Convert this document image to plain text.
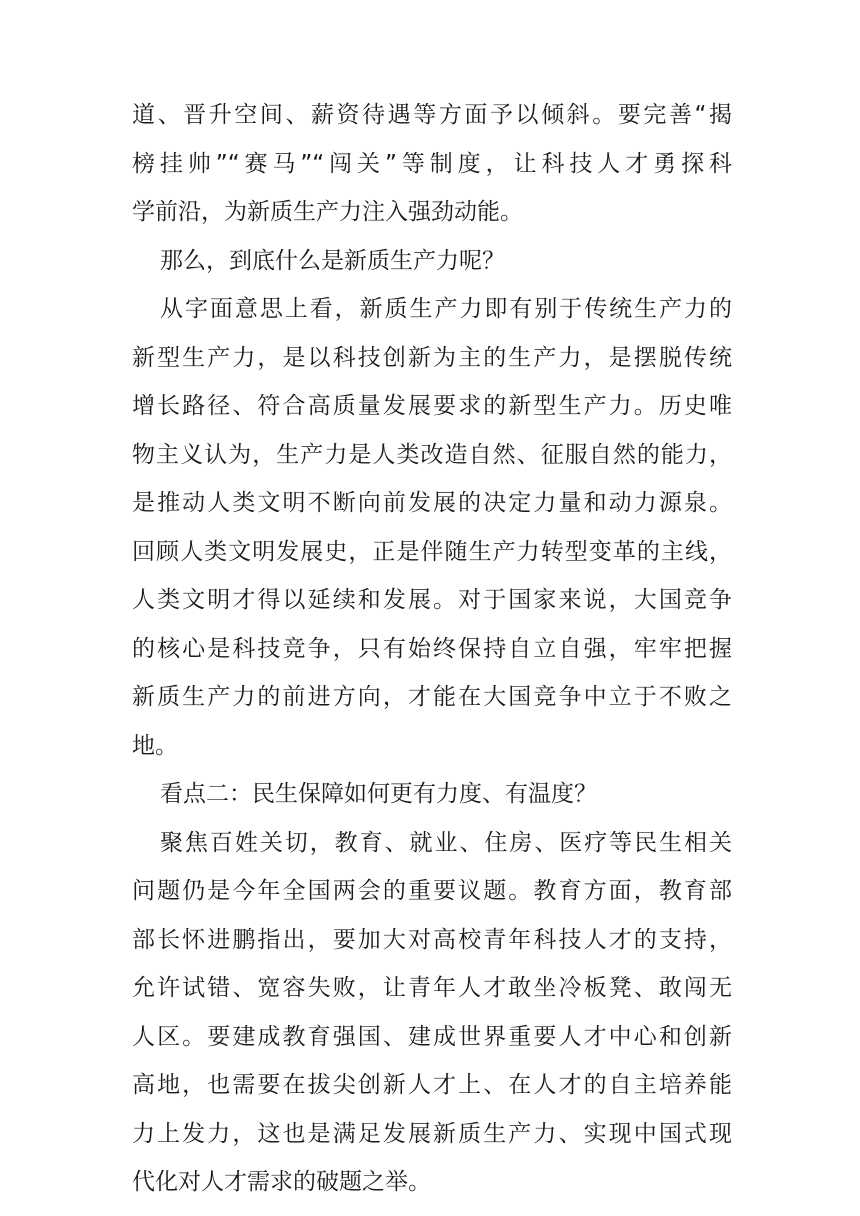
道、晋升空间、薪资待遇等方面予以倾斜。要完善“揭
榜挂帅”“赛马”“闯关”等制度，让科技人才勇探科
学前沿，为新质生产力注入强劲动能。
那么，到底什么是新质生产力呢？
从字面意思上看，新质生产力即有别于传统生产力的
新型生产力，是以科技创新为主的生产力，是摆脱传统
增长路径、符合高质量发展要求的新型生产力。历史唯
物主义认为，生产力是人类改造自然、征服自然的能力，
是推动人类文明不断向前发展的决定力量和动力源泉。
回顾人类文明发展史，正是伴随生产力转型变革的主线，
人类文明才得以延续和发展。对于国家来说，大国竞争
的核心是科技竞争，只有始终保持自立自强，牢牢把握
新质生产力的前进方向，才能在大国竞争中立于不败之
地。
看点二：民生保障如何更有力度、有温度？
聚焦百姓关切，教育、就业、住房、医疗等民生相关
问题仍是今年全国两会的重要议题。教育方面，教育部
部长怀进鹏指出，要加大对高校青年科技人才的支持，
允许试错、宽容失败，让青年人才敢坐冷板凳、敢闯无
人区。要建成教育强国、建成世界重要人才中心和创新
高地，也需要在拔尖创新人才上、在人才的自主培养能
力上发力，这也是满足发展新质生产力、实现中国式现
代化对人才需求的破题之举。
